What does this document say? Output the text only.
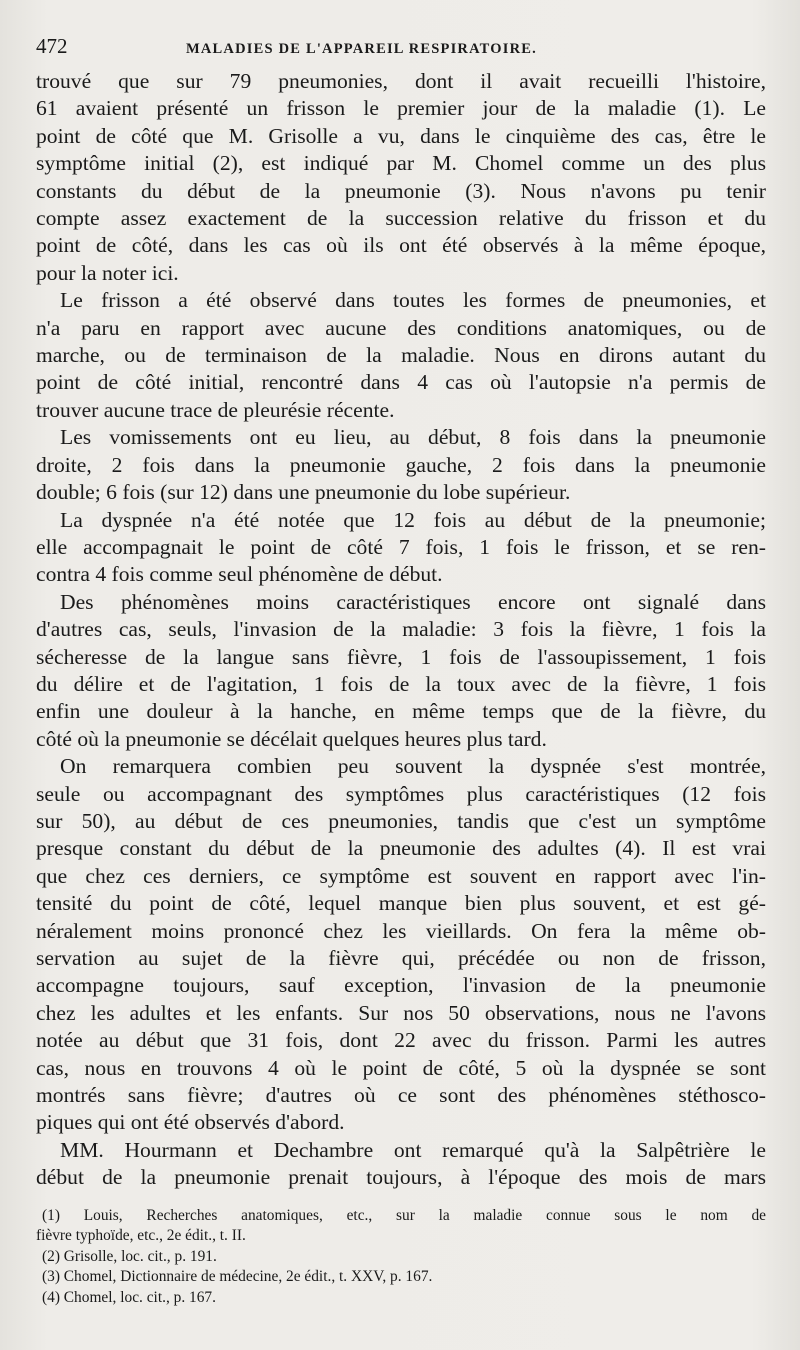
472	MALADIES DE L'APPAREIL RESPIRATOIRE.
trouvé que sur 79 pneumonies, dont il avait recueilli l'histoire,
61 avaient présenté un frisson le premier jour de la maladie (1). Le
point de côté que M. Grisolle a vu, dans le cinquième des cas, être le
symptôme initial (2), est indiqué par M. Chomel comme un des plus
constants du début de la pneumonie (3). Nous n'avons pu tenir
compte assez exactement de la succession relative du frisson et du
point de côté, dans les cas où ils ont été observés à la même époque,
pour la noter ici.
Le frisson a été observé dans toutes les formes de pneumonies, et
n'a paru en rapport avec aucune des conditions anatomiques, ou de
marche, ou de terminaison de la maladie. Nous en dirons autant du
point de côté initial, rencontré dans 4 cas où l'autopsie n'a permis de
trouver aucune trace de pleurésie récente.
Les vomissements ont eu lieu, au début, 8 fois dans la pneumonie
droite, 2 fois dans la pneumonie gauche, 2 fois dans la pneumonie
double; 6 fois (sur 12) dans une pneumonie du lobe supérieur.
La dyspnée n'a été notée que 12 fois au début de la pneumonie;
elle accompagnait le point de côté 7 fois, 1 fois le frisson, et se ren-
contra 4 fois comme seul phénomène de début.
Des phénomènes moins caractéristiques encore ont signalé dans
d'autres cas, seuls, l'invasion de la maladie: 3 fois la fièvre, 1 fois la
sécheresse de la langue sans fièvre, 1 fois de l'assoupissement, 1 fois
du délire et de l'agitation, 1 fois de la toux avec de la fièvre, 1 fois
enfin une douleur à la hanche, en même temps que de la fièvre, du
côté où la pneumonie se décélait quelques heures plus tard.
On remarquera combien peu souvent la dyspnée s'est montrée,
seule ou accompagnant des symptômes plus caractéristiques (12 fois
sur 50), au début de ces pneumonies, tandis que c'est un symptôme
presque constant du début de la pneumonie des adultes (4). Il est vrai
que chez ces derniers, ce symptôme est souvent en rapport avec l'in-
tensité du point de côté, lequel manque bien plus souvent, et est gé-
néralement moins prononcé chez les vieillards. On fera la même ob-
servation au sujet de la fièvre qui, précédée ou non de frisson,
accompagne toujours, sauf exception, l'invasion de la pneumonie
chez les adultes et les enfants. Sur nos 50 observations, nous ne l'avons
notée au début que 31 fois, dont 22 avec du frisson. Parmi les autres
cas, nous en trouvons 4 où le point de côté, 5 où la dyspnée se sont
montrés sans fièvre; d'autres où ce sont des phénomènes stéthosco-
piques qui ont été observés d'abord.
MM. Hourmann et Dechambre ont remarqué qu'à la Salpêtrière le
début de la pneumonie prenait toujours, à l'époque des mois de mars
(1) Louis, Recherches anatomiques, etc., sur la maladie connue sous le nom de
fièvre typhoïde, etc., 2e édit., t. II.
(2) Grisolle, loc. cit., p. 191.
(3) Chomel, Dictionnaire de médecine, 2e édit., t. XXV, p. 167.
(4) Chomel, loc. cit., p. 167.
